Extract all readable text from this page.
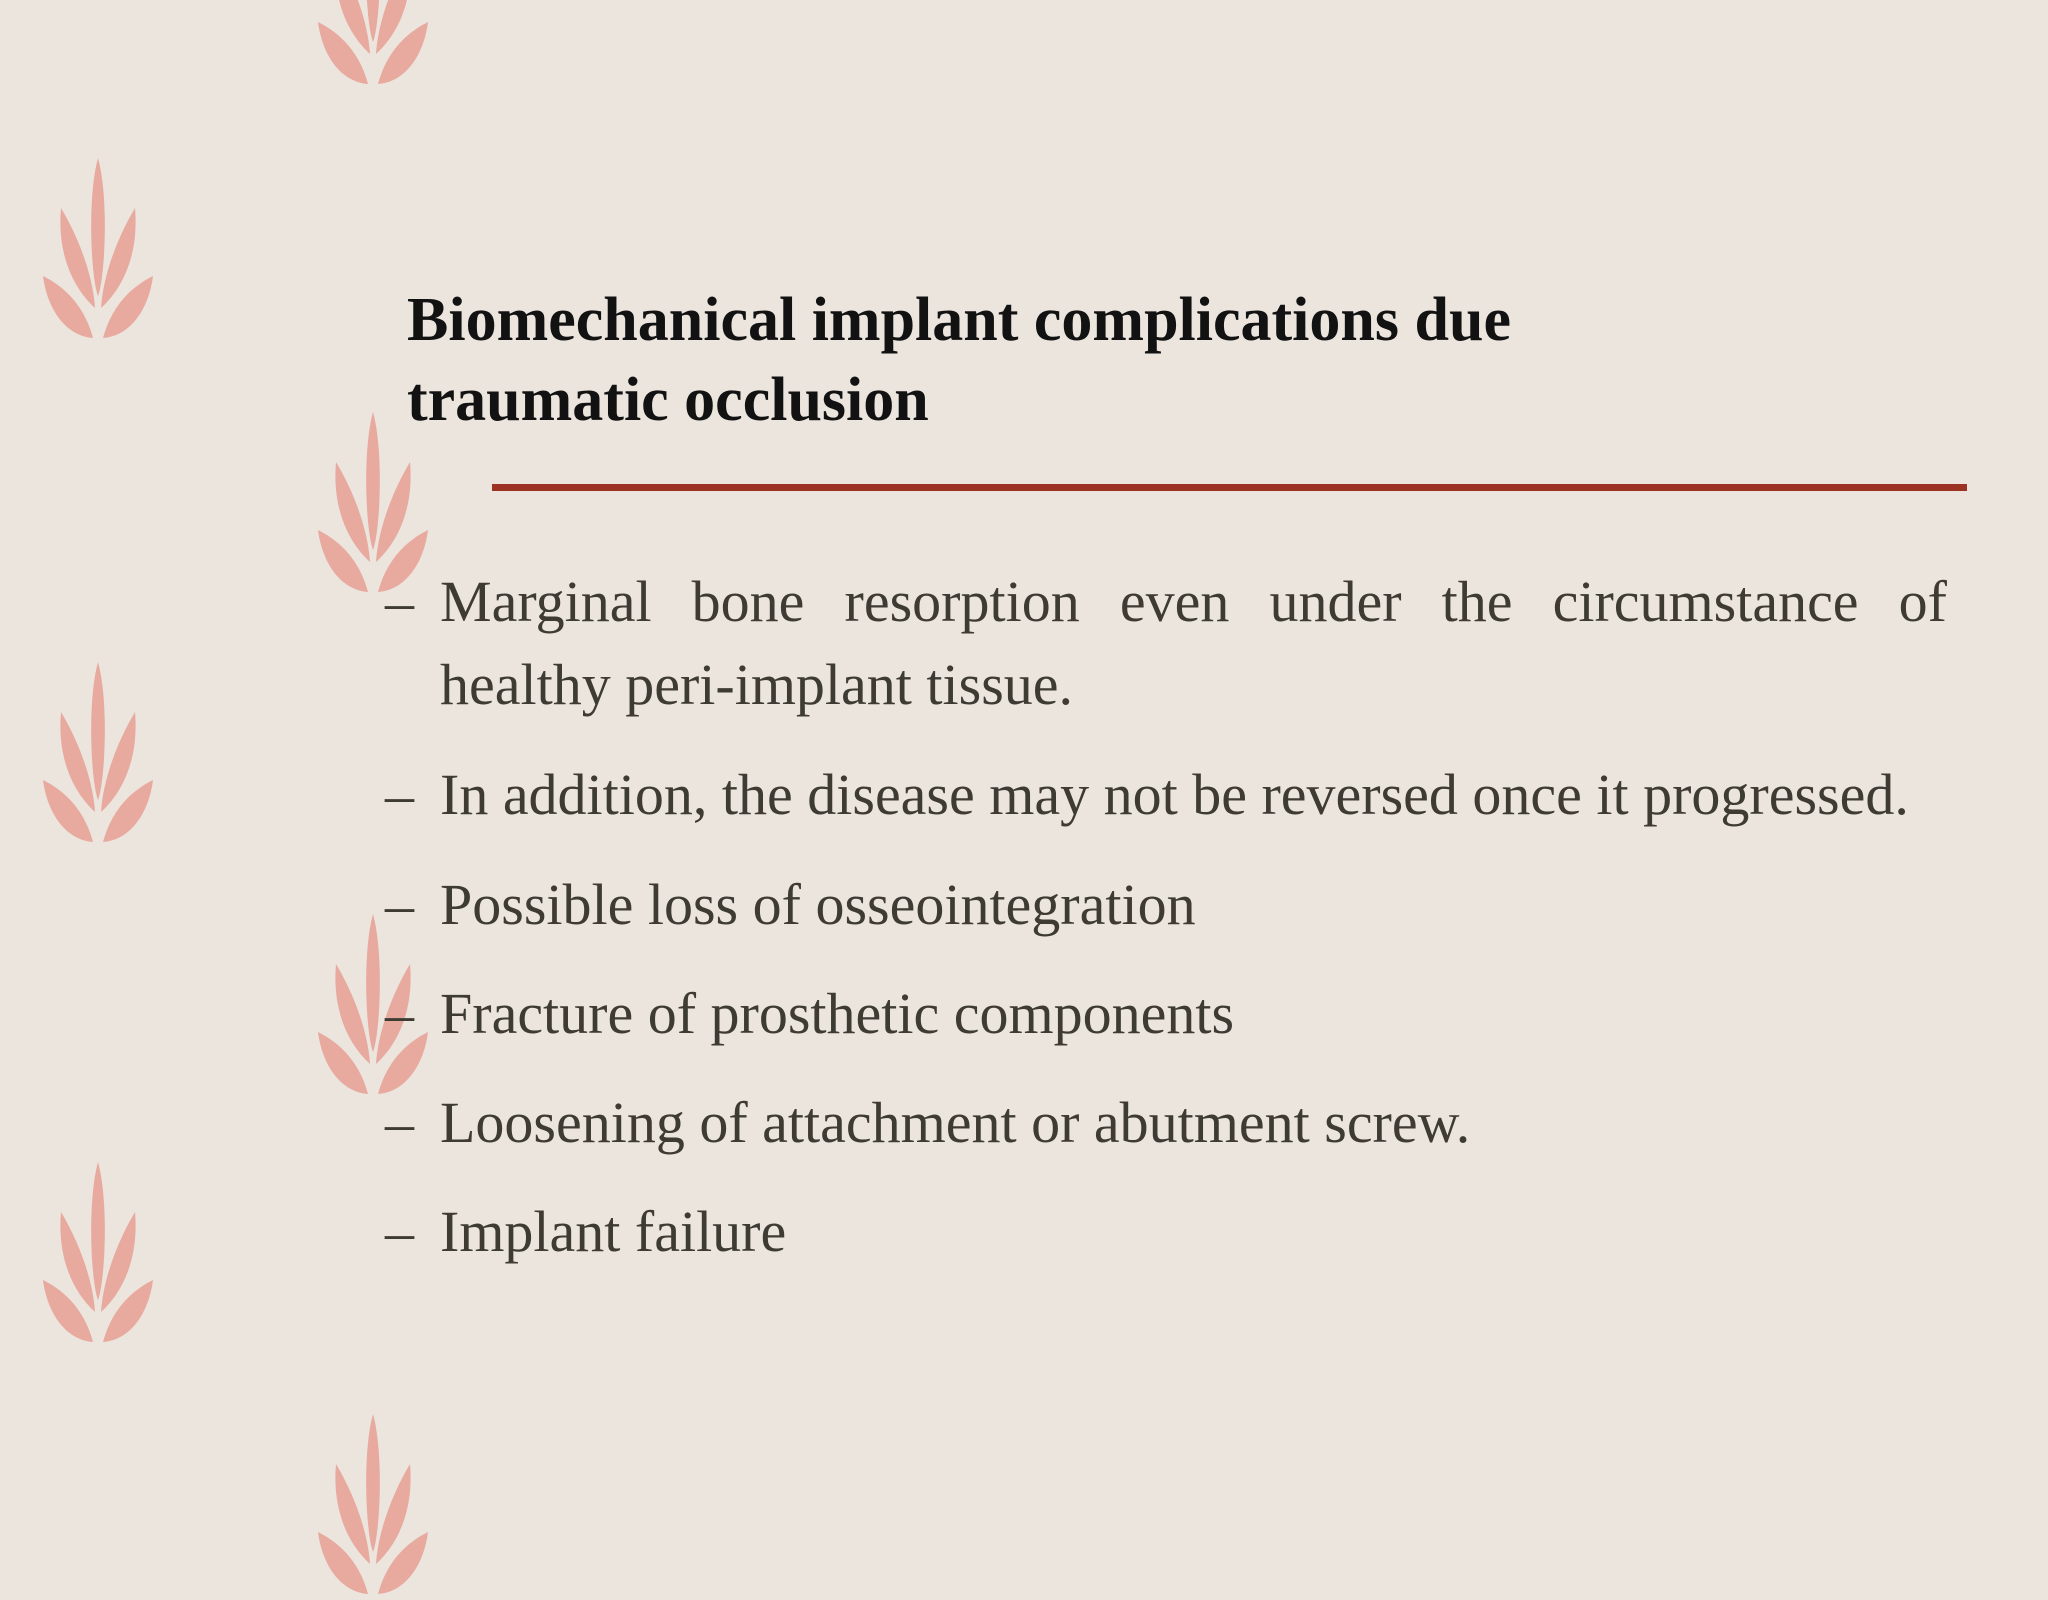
Biomechanical implant complications due traumatic occlusion
– Marginal bone resorption even under the circumstance of healthy peri-implant tissue.
– In addition, the disease may not be reversed once it progressed.
– Possible loss of osseointegration
– Fracture of prosthetic components
– Loosening of attachment or abutment screw.
– Implant failure
